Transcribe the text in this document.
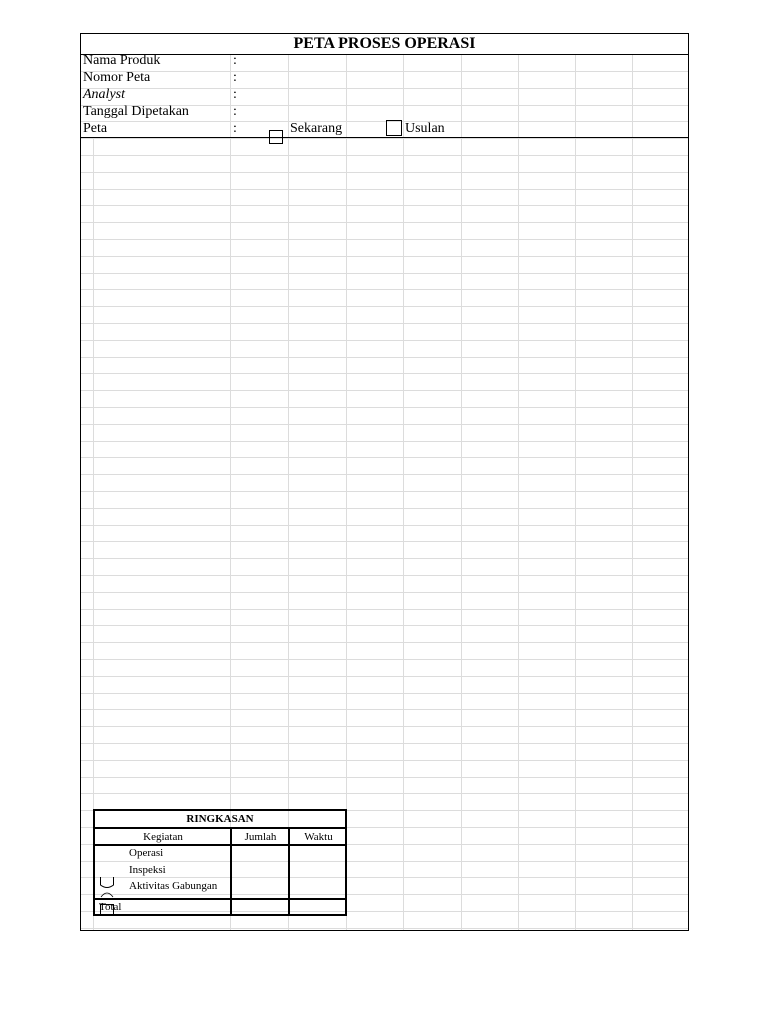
PETA PROSES OPERASI
Nama Produk	:
Nomor Peta	:
Analyst	:
Tanggal Dipetakan	:
Peta	:	Sekarang	Usulan
RINGKASAN
Kegiatan	Jumlah	Waktu
Operasi
Inspeksi
Aktivitas Gabungan
Total
